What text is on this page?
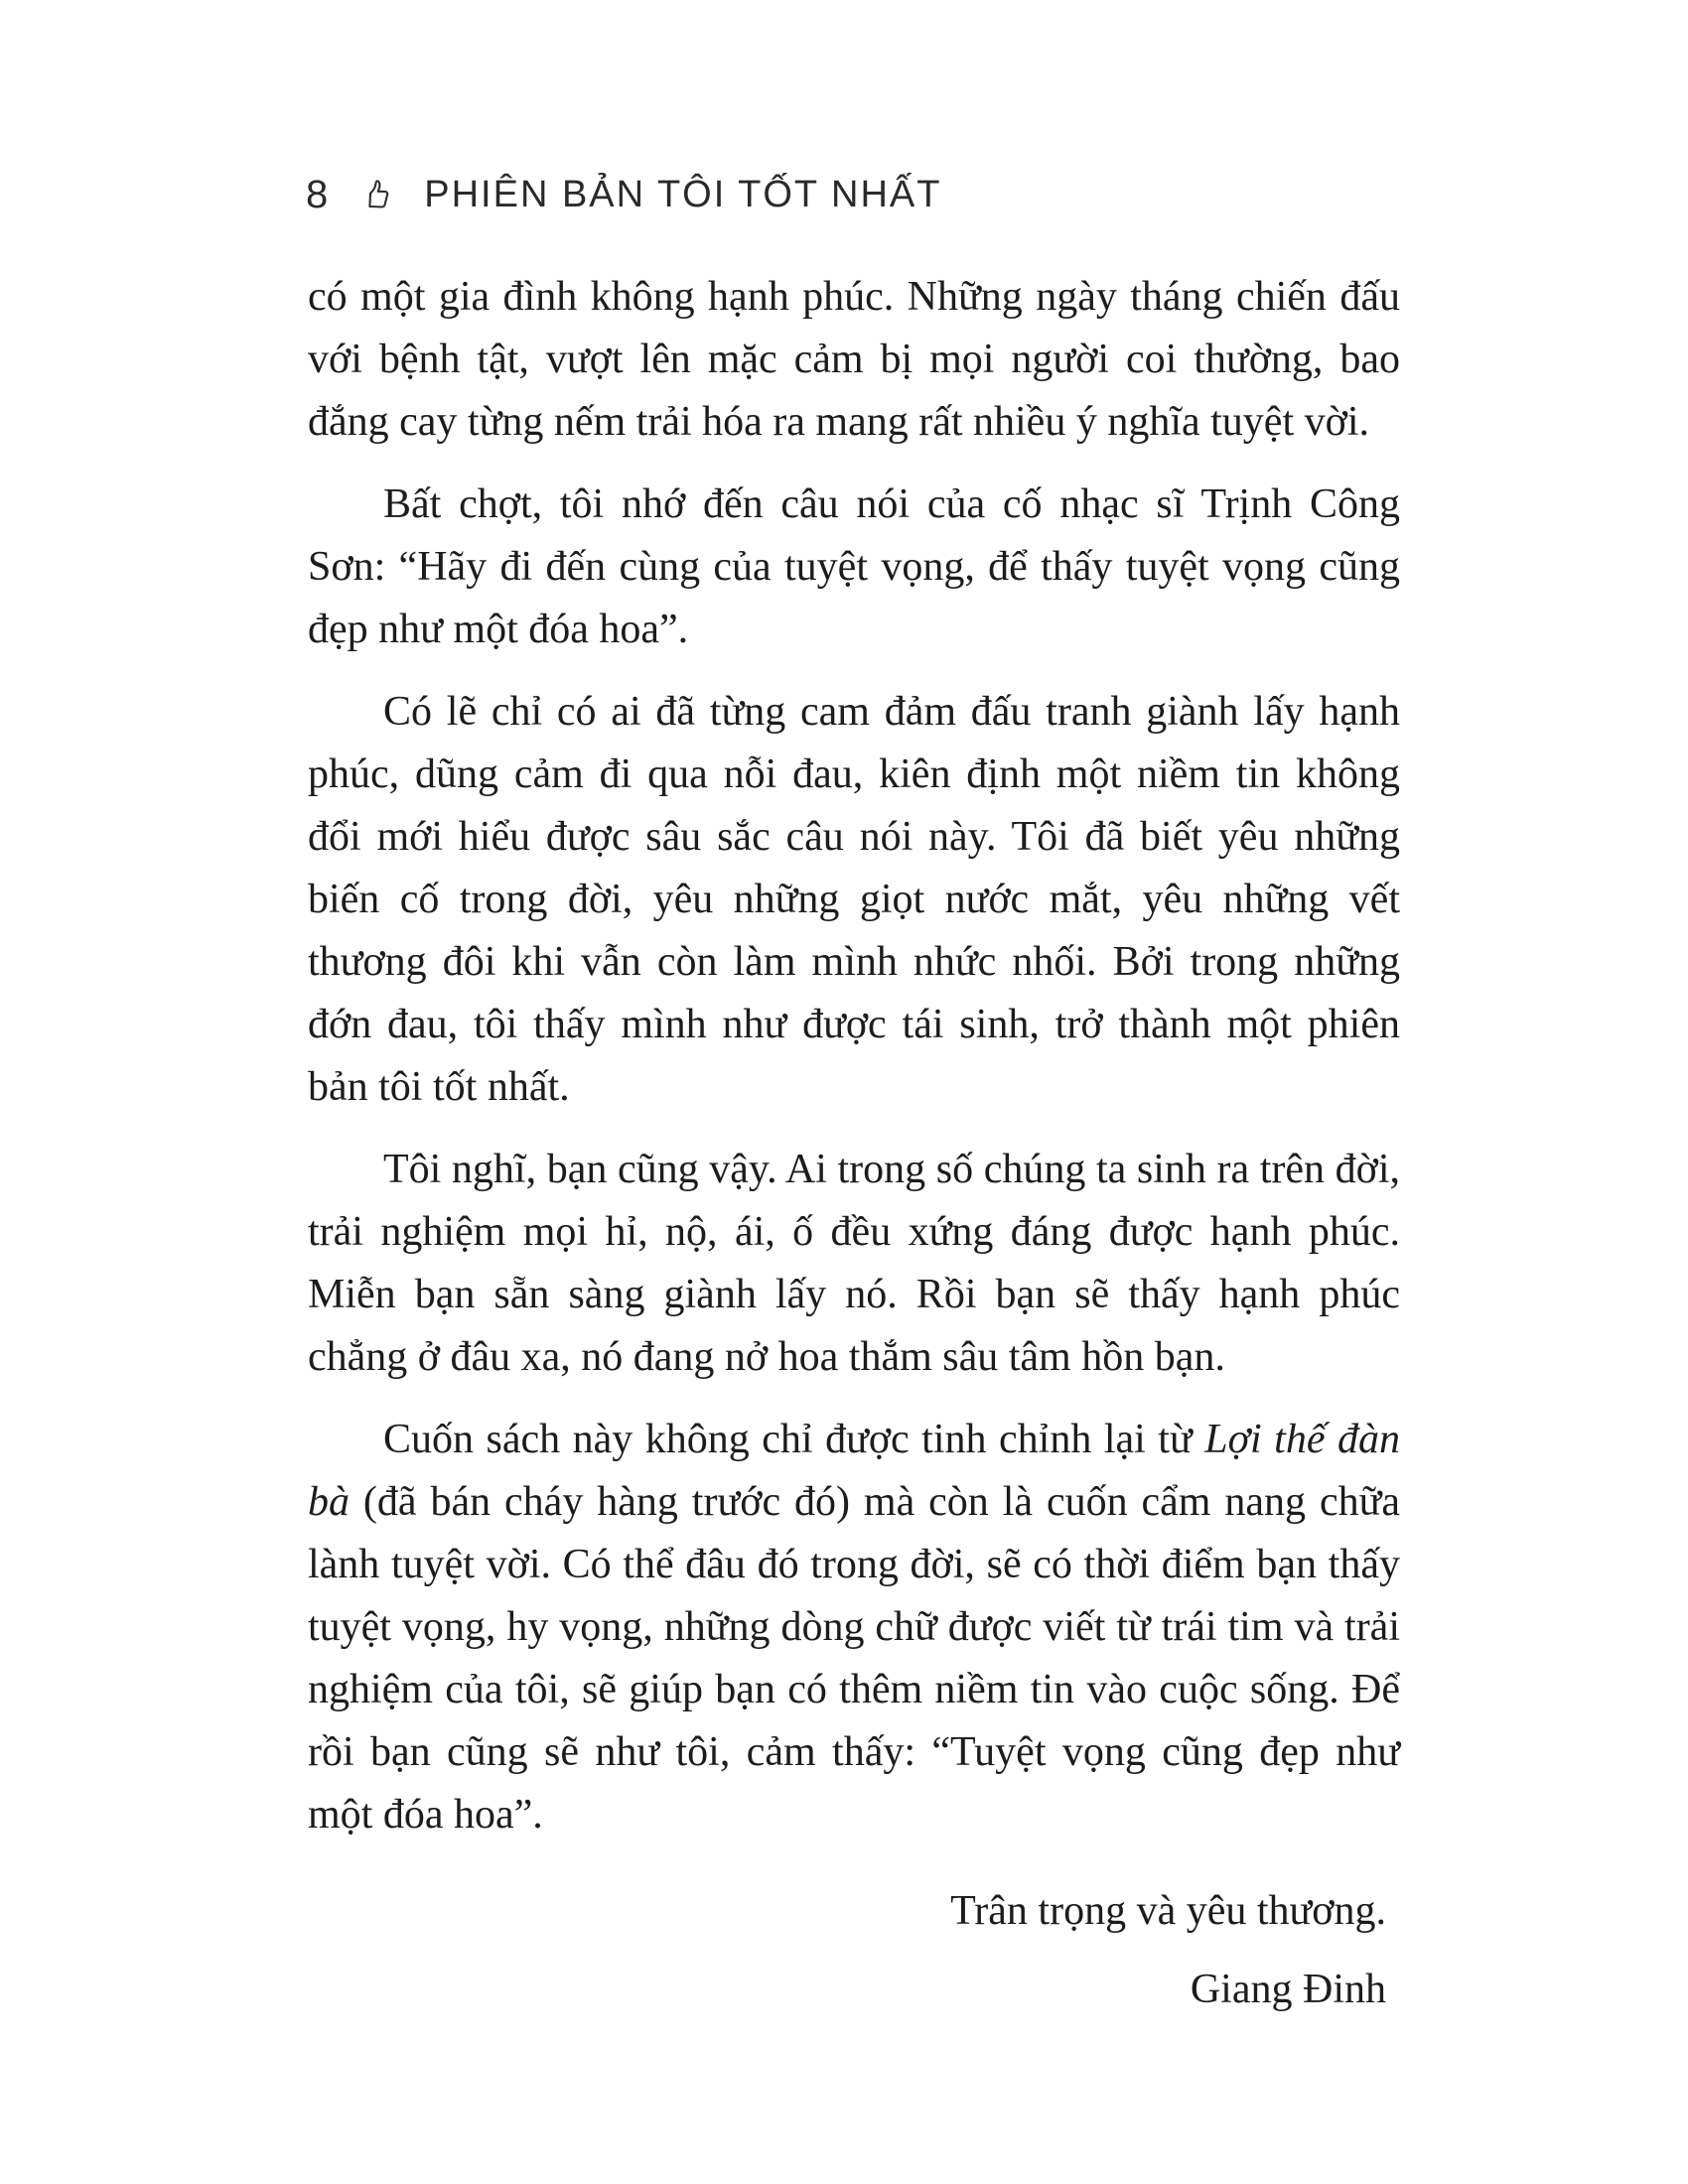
8	PHIÊN BẢN TÔI TỐT NHẤT

có một gia đình không hạnh phúc. Những ngày tháng chiến đấu với bệnh tật, vượt lên mặc cảm bị mọi người coi thường, bao đắng cay từng nếm trải hóa ra mang rất nhiều ý nghĩa tuyệt vời.

Bất chợt, tôi nhớ đến câu nói của cố nhạc sĩ Trịnh Công Sơn: “Hãy đi đến cùng của tuyệt vọng, để thấy tuyệt vọng cũng đẹp như một đóa hoa”.

Có lẽ chỉ có ai đã từng cam đảm đấu tranh giành lấy hạnh phúc, dũng cảm đi qua nỗi đau, kiên định một niềm tin không đổi mới hiểu được sâu sắc câu nói này. Tôi đã biết yêu những biến cố trong đời, yêu những giọt nước mắt, yêu những vết thương đôi khi vẫn còn làm mình nhức nhối. Bởi trong những đớn đau, tôi thấy mình như được tái sinh, trở thành một phiên bản tôi tốt nhất.

Tôi nghĩ, bạn cũng vậy. Ai trong số chúng ta sinh ra trên đời, trải nghiệm mọi hỉ, nộ, ái, ố đều xứng đáng được hạnh phúc. Miễn bạn sẵn sàng giành lấy nó. Rồi bạn sẽ thấy hạnh phúc chẳng ở đâu xa, nó đang nở hoa thắm sâu tâm hồn bạn.

Cuốn sách này không chỉ được tinh chỉnh lại từ Lợi thế đàn bà (đã bán cháy hàng trước đó) mà còn là cuốn cẩm nang chữa lành tuyệt vời. Có thể đâu đó trong đời, sẽ có thời điểm bạn thấy tuyệt vọng, hy vọng, những dòng chữ được viết từ trái tim và trải nghiệm của tôi, sẽ giúp bạn có thêm niềm tin vào cuộc sống. Để rồi bạn cũng sẽ như tôi, cảm thấy: “Tuyệt vọng cũng đẹp như một đóa hoa”.

Trân trọng và yêu thương.

Giang Đinh
